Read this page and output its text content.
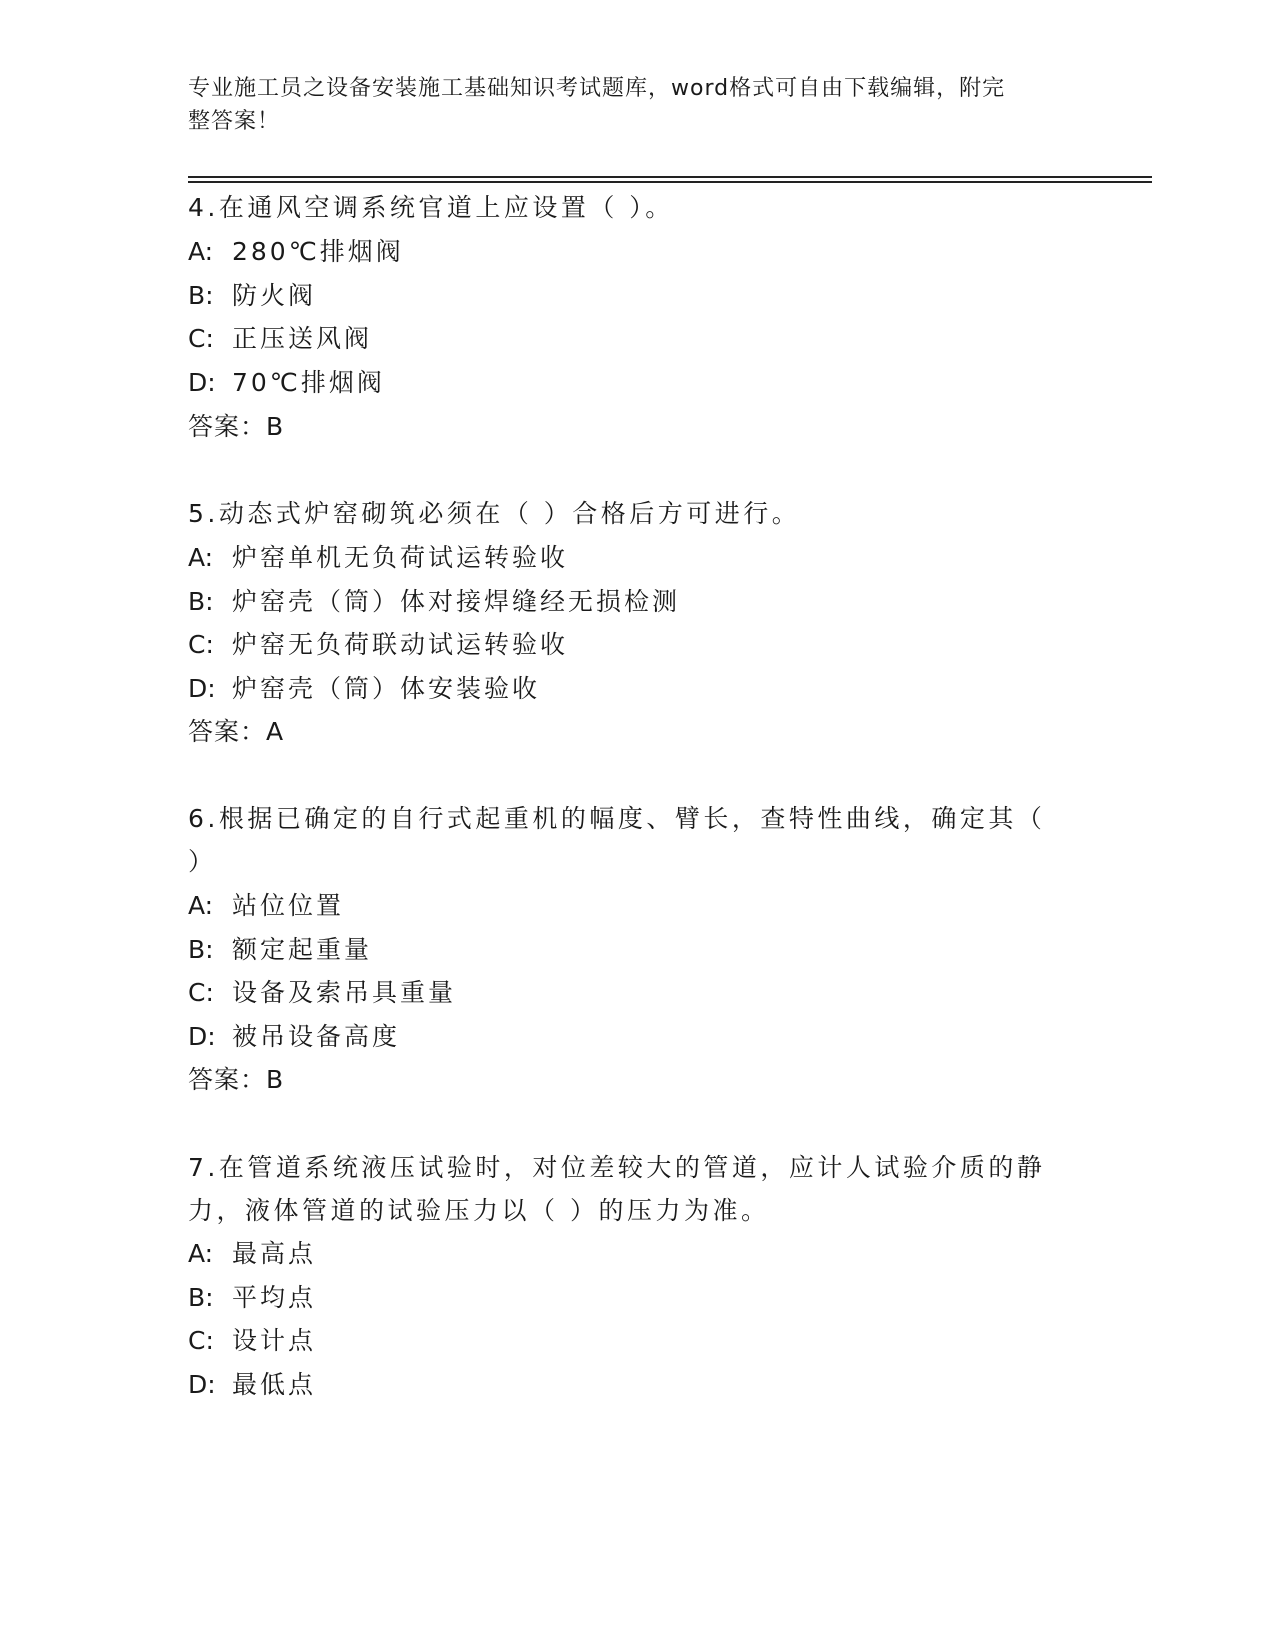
专业施工员之设备安装施工基础知识考试题库，word格式可自由下载编辑，附完
整答案！
4.在通风空调系统官道上应设置（ ）。
A: 280℃排烟阀
B: 防火阀
C: 正压送风阀
D: 70℃排烟阀
答案：B
5.动态式炉窑砌筑必须在（ ）合格后方可进行。
A: 炉窑单机无负荷试运转验收
B: 炉窑壳（筒）体对接焊缝经无损检测
C: 炉窑无负荷联动试运转验收
D: 炉窑壳（筒）体安装验收
答案：A
6.根据已确定的自行式起重机的幅度、臂长，查特性曲线，确定其（
）
A: 站位位置
B: 额定起重量
C: 设备及索吊具重量
D: 被吊设备高度
答案：B
7.在管道系统液压试验时，对位差较大的管道，应计人试验介质的静
力，液体管道的试验压力以（ ）的压力为准。
A: 最高点
B: 平均点
C: 设计点
D: 最低点
